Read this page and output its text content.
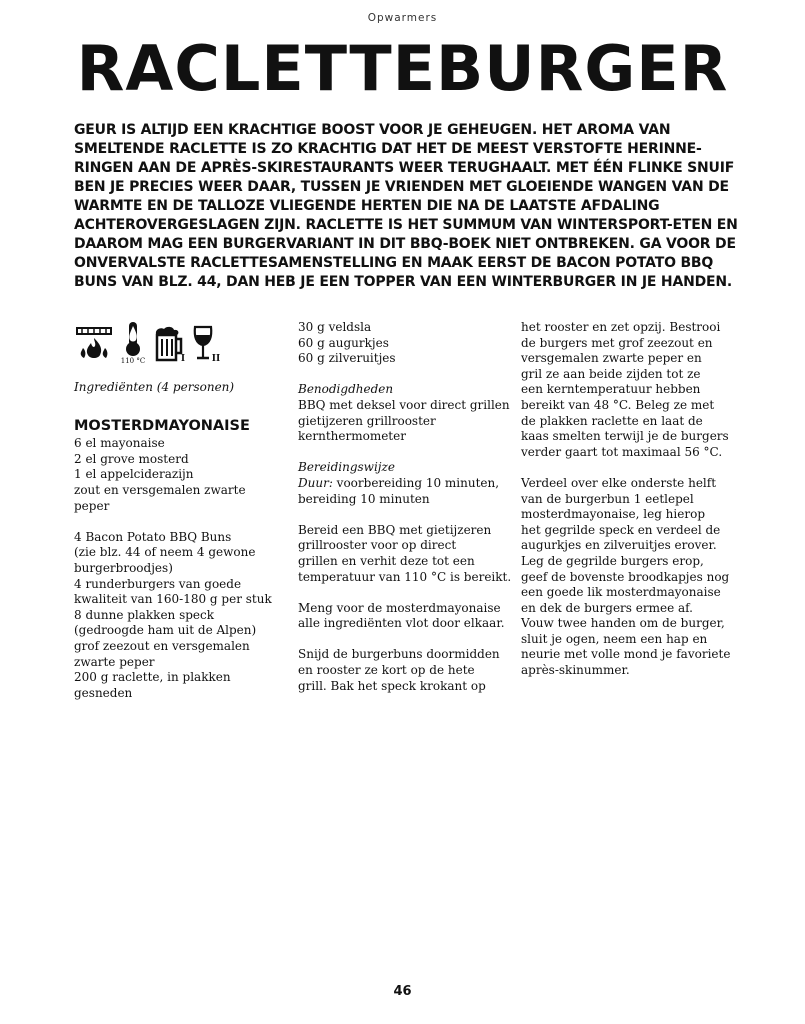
Opwarmers
RACLETTEBURGER

GEUR IS ALTIJD EEN KRACHTIGE BOOST VOOR JE GEHEUGEN. HET AROMA VAN SMELTENDE RACLETTE IS ZO KRACHTIG DAT HET DE MEEST VERSTOFTE HERINNE-RINGEN AAN DE APRÈS-SKIRESTAURANTS WEER TERUGHAALT. MET ÉÉN FLINKE SNUIF BEN JE PRECIES WEER DAAR, TUSSEN JE VRIENDEN MET GLOEIENDE WANGEN VAN DE WARMTE EN DE TALLOZE VLIEGENDE HERTEN DIE NA DE LAATSTE AFDALING ACHTEROVERGESLAGEN ZIJN. RACLETTE IS HET SUMMUM VAN WINTERSPORT-ETEN EN DAAROM MAG EEN BURGERVARIANT IN DIT BBQ-BOEK NIET ONTBREKEN. GA VOOR DE ONVERVALSTE RACLETTESAMENSTELLING EN MAAK EERST DE BACON POTATO BBQ BUNS VAN BLZ. 44, DAN HEB JE EEN TOPPER VAN EEN WINTERBURGER IN JE HANDEN.

110 °C	I	II

Ingrediënten (4 personen)

MOSTERDMAYONAISE

6 el mayonaise
2 el grove mosterd
1 el appelciderazijn
zout en versgemalen zwarte
peper

4 Bacon Potato BBQ Buns
(zie blz. 44 of neem 4 gewone
burgerbroodjes)
4 runderburgers van goede
kwaliteit van 160-180 g per stuk
8 dunne plakken speck
(gedroogde ham uit de Alpen)
grof zeezout en versgemalen
zwarte peper
200 g raclette, in plakken
gesneden

30 g veldsla
60 g augurkjes
60 g zilveruitjes

Benodigdheden

BBQ met deksel voor direct grillen
gietijzeren grillrooster
kernthermometer

Bereidingswijze

Duur: voorbereiding 10 minuten,
bereiding 10 minuten

Bereid een BBQ met gietijzeren
grillrooster voor op direct
grillen en verhit deze tot een
temperatuur van 110 °C is bereikt.

Meng voor de mosterdmayonaise
alle ingrediënten vlot door elkaar.

Snijd de burgerbuns doormidden
en rooster ze kort op de hete
grill. Bak het speck krokant op

het rooster en zet opzij. Bestrooi
de burgers met grof zeezout en
versgemalen zwarte peper en
gril ze aan beide zijden tot ze
een kerntemperatuur hebben
bereikt van 48 °C. Beleg ze met
de plakken raclette en laat de
kaas smelten terwijl je de burgers
verder gaart tot maximaal 56 °C.

Verdeel over elke onderste helft
van de burgerbun 1 eetlepel
mosterdmayonaise, leg hierop
het gegrilde speck en verdeel de
augurkjes en zilveruitjes erover.
Leg de gegrilde burgers erop,
geef de bovenste broodkapjes nog
een goede lik mosterdmayonaise
en dek de burgers ermee af.
Vouw twee handen om de burger,
sluit je ogen, neem een hap en
neurie met volle mond je favoriete
après-skinummer.

46
